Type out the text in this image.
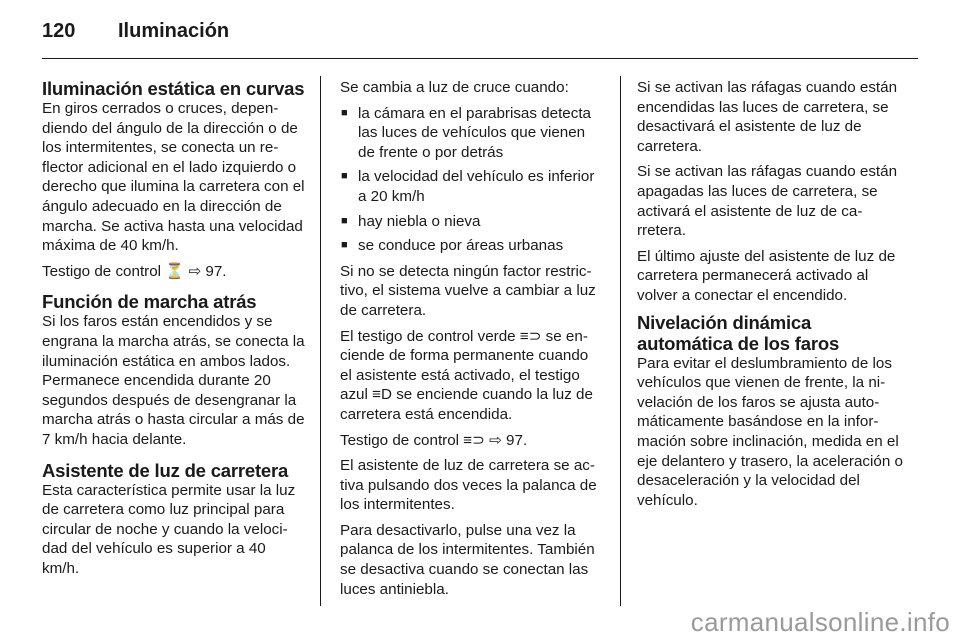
120 Iluminación
Iluminación estática en curvas

En giros cerrados o cruces, dependiendo del ángulo de la dirección o de los intermitentes, se conecta un reflector adicional en el lado izquierdo o derecho que ilumina la carretera con el ángulo adecuado en la dirección de marcha. Se activa hasta una velocidad máxima de 40 km/h.

Testigo de control ⏳ ⇨ 97.

Función de marcha atrás

Si los faros están encendidos y se engrana la marcha atrás, se conecta la iluminación estática en ambos lados. Permanece encendida durante 20 segundos después de desengranar la marcha atrás o hasta circular a más de 7 km/h hacia delante.

Asistente de luz de carretera

Esta característica permite usar la luz de carretera como luz principal para circular de noche y cuando la velocidad del vehículo es superior a 40 km/h.

Se cambia a luz de cruce cuando:

■ la cámara en el parabrisas detecta las luces de vehículos que vienen de frente o por detrás
■ la velocidad del vehículo es inferior a 20 km/h
■ hay niebla o nieva
■ se conduce por áreas urbanas

Si no se detecta ningún factor restrictivo, el sistema vuelve a cambiar a luz de carretera.

El testigo de control verde ≡⊃ se enciende de forma permanente cuando el asistente está activado, el testigo azul ≡D se enciende cuando la luz de carretera está encendida.

Testigo de control ≡⊃ ⇨ 97.

El asistente de luz de carretera se activa pulsando dos veces la palanca de los intermitentes.

Para desactivarlo, pulse una vez la palanca de los intermitentes. También se desactiva cuando se conectan las luces antiniebla.

Si se activan las ráfagas cuando están encendidas las luces de carretera, se desactivará el asistente de luz de carretera.

Si se activan las ráfagas cuando están apagadas las luces de carretera, se activará el asistente de luz de carretera.

El último ajuste del asistente de luz de carretera permanecerá activado al volver a conectar el encendido.

Nivelación dinámica automática de los faros

Para evitar el deslumbramiento de los vehículos que vienen de frente, la nivelación de los faros se ajusta automáticamente basándose en la información sobre inclinación, medida en el eje delantero y trasero, la aceleración o desaceleración y la velocidad del vehículo.

carmanualsonline.info
